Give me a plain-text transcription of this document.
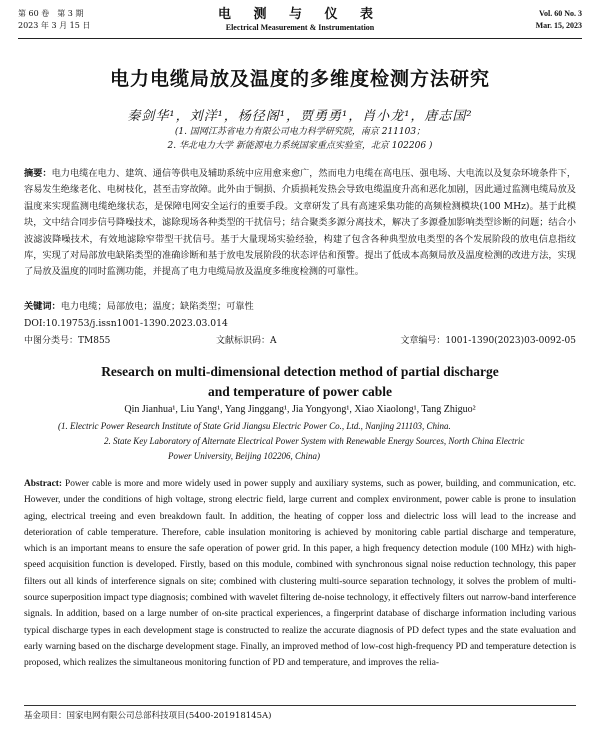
第 60 卷　第 3 期
2023 年 3 月 15 日
电 测 与 仪 表
Electrical Measurement & Instrumentation
Vol. 60 No. 3
Mar. 15, 2023
电力电缆局放及温度的多维度检测方法研究
秦剑华¹，刘洋¹，杨径阁¹，贾勇勇¹，肖小龙¹，唐志国²
(1. 国网江苏省电力有限公司电力科学研究院，南京 211103；
2. 华北电力大学 新能源电力系统国家重点实验室，北京 102206 )
摘要：电力电缆在电力、建筑、通信等供电及辅助系统中应用愈来愈广，然而电力电缆在高电压、强电场、大电流以及复杂环境条件下，容易发生绝缘老化、电树枝化，甚至击穿故障。此外由于铜损、介质损耗发热会导致电缆温度升高和恶化加剧，因此通过监测电缆局放及温度来实现监测电缆绝缘状态，是保障电网安全运行的重要手段。文章研发了具有高速采集功能的高频检测模块(100 MHz)。基于此模块，文中结合同步信号降噪技术，滤除现场各种类型的干扰信号；结合聚类多源分离技术，解决了多源叠加影响类型诊断的问题；结合小波滤波降噪技术，有效地滤除窄带型干扰信号。基于大量现场实验经验，构建了包含各种典型放电类型的各个发展阶段的放电信息指纹库，实现了对局部放电缺陷类型的准确诊断和基于放电发展阶段的状态评估和预警。提出了低成本高频局放及温度检测的改进方法，实现了局放及温度的同时监测功能，并提高了电力电缆局放及温度多维度检测的可靠性。
关键词：电力电缆；局部放电；温度；缺陷类型；可靠性
DOI:10.19753/j.issn1001-1390.2023.03.014
中图分类号：TM855	文献标识码：A	文章编号：1001-1390(2023)03-0092-05
Research on multi-dimensional detection method of partial discharge
and temperature of power cable
Qin Jianhua¹, Liu Yang¹, Yang Jinggang¹, Jia Yongyong¹, Xiao Xiaolong¹, Tang Zhiguo²
(1. Electric Power Research Institute of State Grid Jiangsu Electric Power Co., Ltd., Nanjing 211103, China.
2. State Key Laboratory of Alternate Electrical Power System with Renewable Energy Sources, North China Electric
Power University, Beijing 102206, China)
Abstract: Power cable is more and more widely used in power supply and auxiliary systems, such as power, building, and communication, etc. However, under the conditions of high voltage, strong electric field, large current and complex environment, power cable is prone to insulation aging, electrical treeing and even breakdown fault. In addition, the heating of copper loss and dielectric loss will lead to the increase and deterioration of cable temperature. Therefore, cable insulation monitoring is achieved by monitoring cable partial discharge and temperature, which is an important means to ensure the safe operation of power grid. In this paper, a high frequency detection module (100 MHz) with high-speed acquisition function is developed. Firstly, based on this module, combined with synchronous signal noise reduction technology, this paper filters out all kinds of interference signals on site; combined with clustering multi-source separation technology, it solves the problem of multi-source superposition impact type diagnosis; combined with wavelet filtering de-noise technology, it effectively filters out narrow-band interference signals. In addition, based on a large number of on-site practical experiences, a fingerprint database of discharge information including various typical discharge types in each development stage is constructed to realize the accurate diagnosis of PD defect types and the state evaluation and early warning based on the discharge development stage. Finally, an improved method of low-cost high-frequency PD and temperature detection is proposed, which realizes the simultaneous monitoring function of PD and temperature, and improves the relia-
基金项目：国家电网有限公司总部科技项目(5400-201918145A)
